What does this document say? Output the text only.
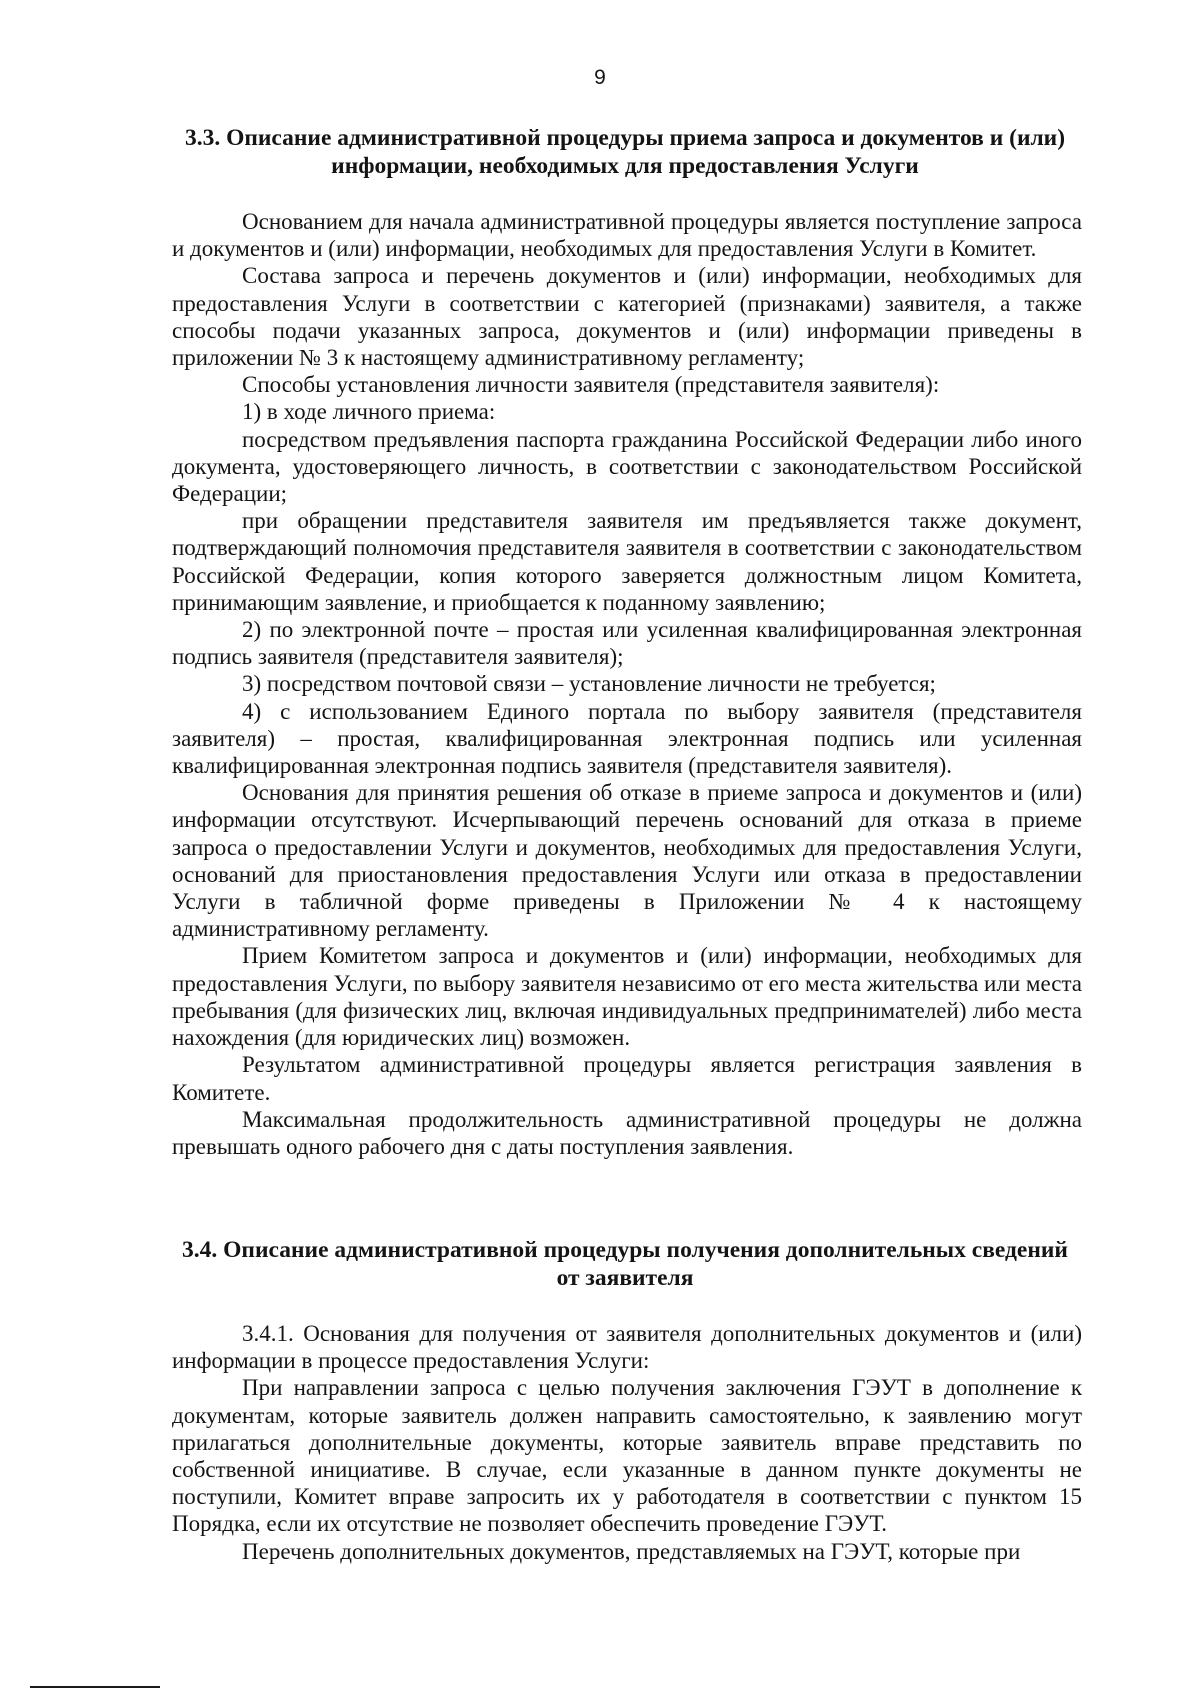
9
3.3. Описание административной процедуры приема запроса и документов и (или) информации, необходимых для предоставления Услуги

Основанием для начала административной процедуры является поступление запроса и документов и (или) информации, необходимых для предоставления Услуги в Комитет.

Состава запроса и перечень документов и (или) информации, необходимых для предоставления Услуги в соответствии с категорией (признаками) заявителя, а также способы подачи указанных запроса, документов и (или) информации приведены в приложении № 3 к настоящему административному регламенту;

Способы установления личности заявителя (представителя заявителя):

1) в ходе личного приема:

посредством предъявления паспорта гражданина Российской Федерации либо иного документа, удостоверяющего личность, в соответствии с законодательством Российской Федерации;

при обращении представителя заявителя им предъявляется также документ, подтверждающий полномочия представителя заявителя в соответствии с законодательством Российской Федерации, копия которого заверяется должностным лицом Комитета, принимающим заявление, и приобщается к поданному заявлению;

2) по электронной почте – простая или усиленная квалифицированная электронная подпись заявителя (представителя заявителя);

3) посредством почтовой связи – установление личности не требуется;

4) с использованием Единого портала по выбору заявителя (представителя заявителя) – простая, квалифицированная электронная подпись или усиленная квалифицированная электронная подпись заявителя (представителя заявителя).

Основания для принятия решения об отказе в приеме запроса и документов и (или) информации отсутствуют. Исчерпывающий перечень оснований для отказа в приеме запроса о предоставлении Услуги и документов, необходимых для предоставления Услуги, оснований для приостановления предоставления Услуги или отказа в предоставлении Услуги в табличной форме приведены в Приложении № 4 к настоящему административному регламенту.

Прием Комитетом запроса и документов и (или) информации, необходимых для предоставления Услуги, по выбору заявителя независимо от его места жительства или места пребывания (для физических лиц, включая индивидуальных предпринимателей) либо места нахождения (для юридических лиц) возможен.

Результатом административной процедуры является регистрация заявления в Комитете.

Максимальная продолжительность административной процедуры не должна превышать одного рабочего дня с даты поступления заявления.

3.4. Описание административной процедуры получения дополнительных сведений от заявителя

3.4.1. Основания для получения от заявителя дополнительных документов и (или) информации в процессе предоставления Услуги:

При направлении запроса с целью получения заключения ГЭУТ в дополнение к документам, которые заявитель должен направить самостоятельно, к заявлению могут прилагаться дополнительные документы, которые заявитель вправе представить по собственной инициативе. В случае, если указанные в данном пункте документы не поступили, Комитет вправе запросить их у работодателя в соответствии с пунктом 15 Порядка, если их отсутствие не позволяет обеспечить проведение ГЭУТ.

Перечень дополнительных документов, представляемых на ГЭУТ, которые при
